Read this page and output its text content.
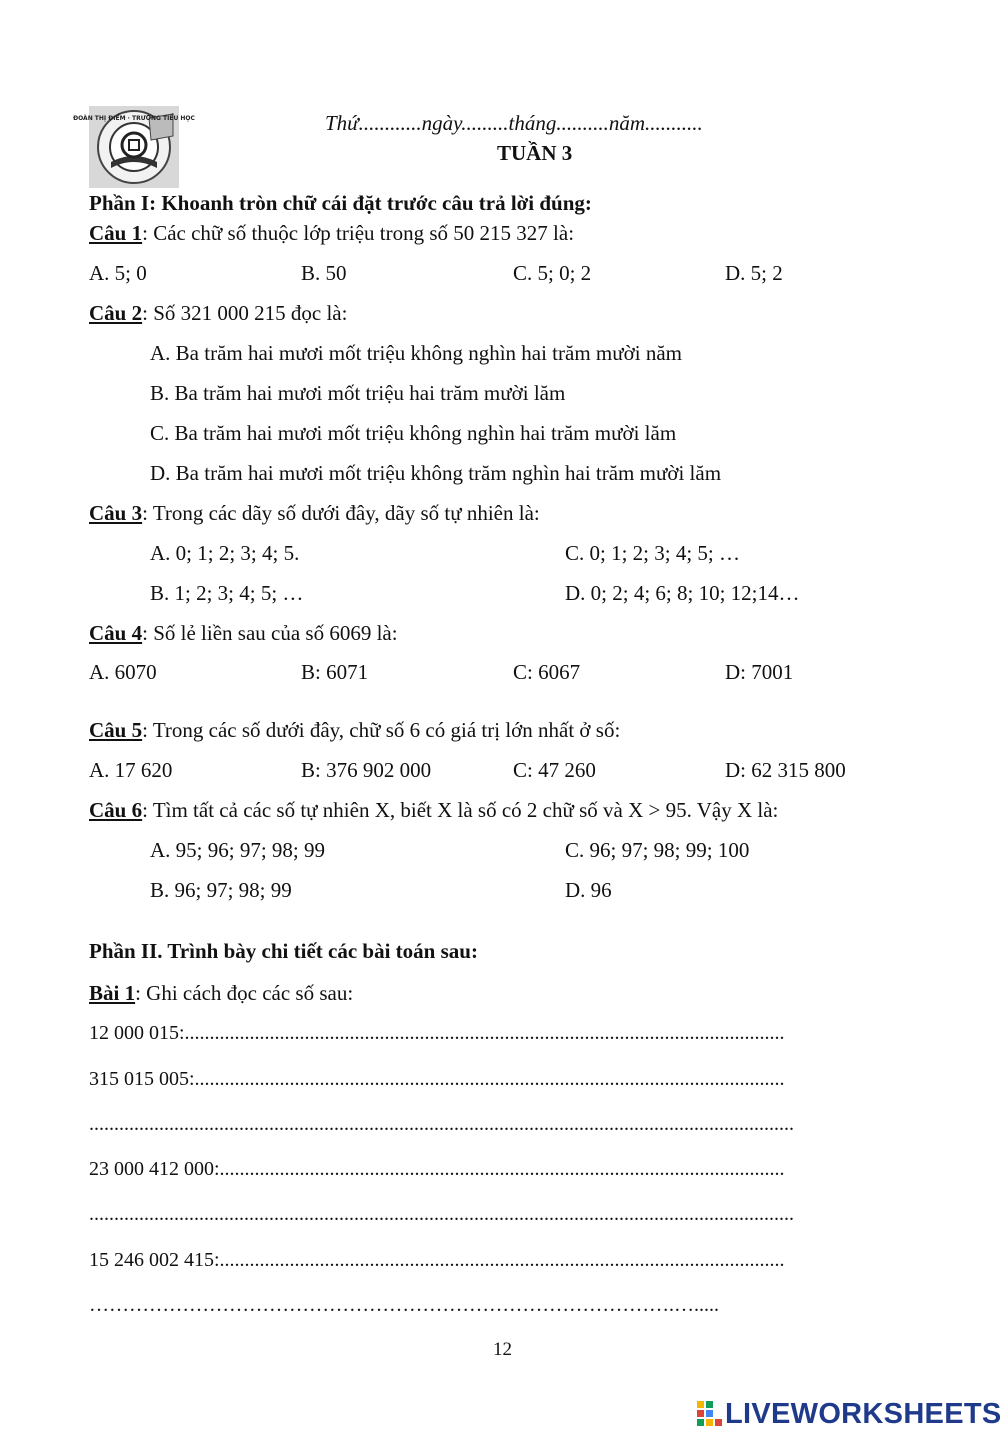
ĐOÀN THỊ ĐIỂM · TRƯỜNG TIỂU HỌC	Thứ............ngày.........tháng..........năm...........
TUẦN 3
Phần I: Khoanh tròn chữ cái đặt trước câu trả lời đúng:
Câu 1: Các chữ số thuộc lớp triệu trong số 50 215 327 là:
A. 5; 0	B. 50	C. 5; 0; 2	D. 5; 2
Câu 2: Số 321 000 215 đọc là:
A. Ba trăm hai mươi mốt triệu không nghìn hai trăm mười năm
B. Ba trăm hai mươi mốt triệu hai trăm mười lăm
C. Ba trăm hai mươi mốt triệu không nghìn hai trăm mười lăm
D. Ba trăm hai mươi mốt triệu không trăm nghìn hai trăm mười lăm
Câu 3: Trong các dãy số dưới đây, dãy số tự nhiên là:
A. 0; 1; 2; 3; 4; 5.	C. 0; 1; 2; 3; 4; 5; …
B. 1; 2; 3; 4; 5; …	D. 0; 2; 4; 6; 8; 10; 12;14…
Câu 4: Số lẻ liền sau của số 6069 là:
A. 6070	B: 6071	C: 6067	D: 7001
Câu 5: Trong các số dưới đây, chữ số 6 có giá trị lớn nhất ở số:
A. 17 620	B: 376 902 000	C: 47 260	D: 62 315 800
Câu 6: Tìm tất cả các số tự nhiên X, biết X là số có 2 chữ số và X > 95. Vậy X là:
A. 95; 96; 97; 98; 99	C. 96; 97; 98; 99; 100
B. 96; 97; 98; 99	D. 96
Phần II. Trình bày chi tiết các bài toán sau:
Bài 1: Ghi cách đọc các số sau:
12 000 015:........................................................................................................................
315 015 005:......................................................................................................................
.............................................................................................................................................
23 000 412 000:.................................................................................................................
.............................................................................................................................................
15 246 002 415:.................................................................................................................
…………………………………………………………………………….….....
12
LIVEWORKSHEETS
